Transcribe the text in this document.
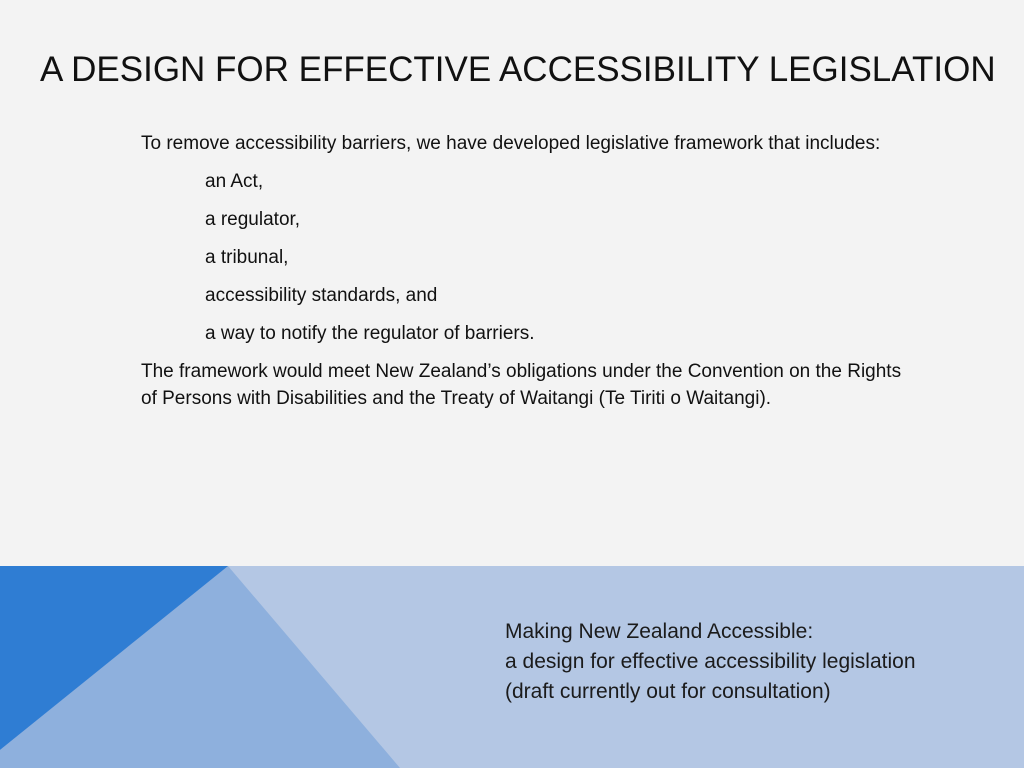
A DESIGN FOR EFFECTIVE ACCESSIBILITY LEGISLATION

To remove accessibility barriers, we have developed legislative framework that includes:

an Act,

a regulator,

a tribunal,

accessibility standards, and

a way to notify the regulator of barriers.

The framework would meet New Zealand’s obligations under the Convention on the Rights of Persons with Disabilities and the Treaty of Waitangi (Te Tiriti o Waitangi).

Making New Zealand Accessible:
a design for effective accessibility legislation
(draft currently out for consultation)
